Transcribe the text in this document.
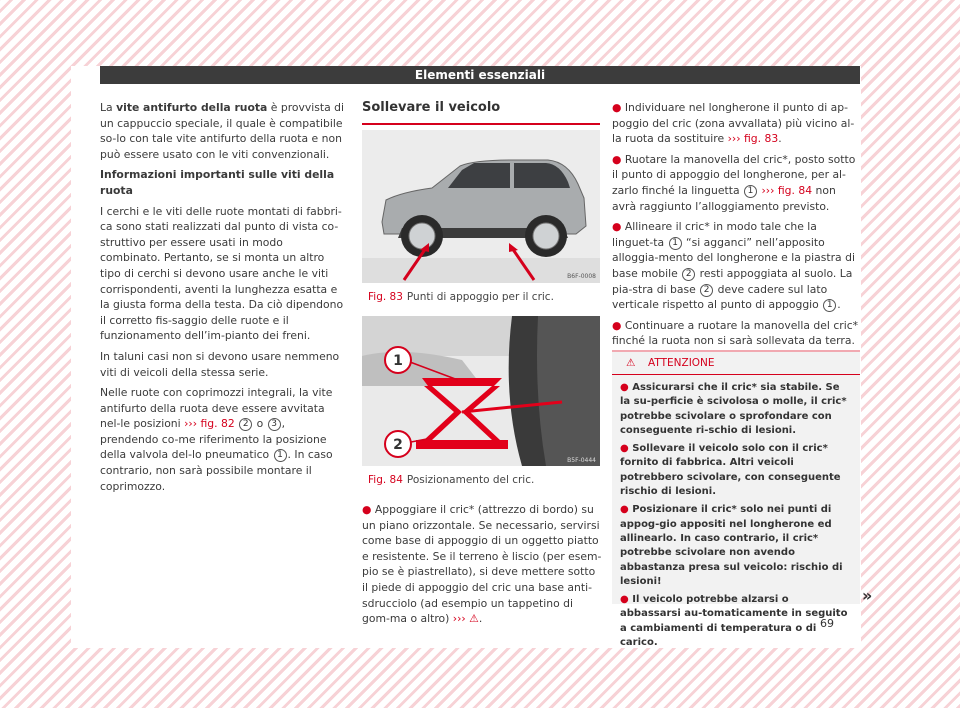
Elementi essenziali

La vite antifurto della ruota è provvista di un cappuccio speciale, il quale è compatibile so-lo con tale vite antifurto della ruota e non può essere usato con le viti convenzionali.

Informazioni importanti sulle viti della ruota

I cerchi e le viti delle ruote montati di fabbri-ca sono stati realizzati dal punto di vista co-struttivo per essere usati in modo combinato. Pertanto, se si monta un altro tipo di cerchi si devono usare anche le viti corrispondenti, aventi la lunghezza esatta e la giusta forma della testa. Da ciò dipendono il corretto fis-saggio delle ruote e il funzionamento dell’im-pianto dei freni.

In taluni casi non si devono usare nemmeno viti di veicoli della stessa serie.

Nelle ruote con coprimozzi integrali, la vite antifurto della ruota deve essere avvitata nel-le posizioni ››› fig. 82 2 o 3 , prendendo co-me riferimento la posizione della valvola del-lo pneumatico 1 . In caso contrario, non sarà possibile montare il coprimozzo.

Sollevare il veicolo
B6F-0008
Fig. 83 Punti di appoggio per il cric.
1
2
B5F-0444
Fig. 84 Posizionamento del cric.

● Appoggiare il cric* (attrezzo di bordo) su un piano orizzontale. Se necessario, servirsi come base di appoggio di un oggetto piatto e resistente. Se il terreno è liscio (per esem-pio se è piastrellato), si deve mettere sotto il piede di appoggio del cric una base anti-sdrucciolo (ad esempio un tappetino di gom-ma o altro) ››› ⚠.

● Individuare nel longherone il punto di ap-poggio del cric (zona avvallata) più vicino al-la ruota da sostituire ››› fig. 83.

● Ruotare la manovella del cric*, posto sotto il punto di appoggio del longherone, per al-zarlo finché la linguetta 1 ››› fig. 84 non avrà raggiunto l’alloggiamento previsto.

● Allineare il cric* in modo tale che la linguet-ta 1 “si agganci” nell’apposito alloggia-mento del longherone e la piastra di base mobile 2 resti appoggiata al suolo. La pia-stra di base 2 deve cadere sul lato verticale rispetto al punto di appoggio 1 .

● Continuare a ruotare la manovella del cric* finché la ruota non si sarà sollevata da terra.

⚠ ATTENZIONE

● Assicurarsi che il cric* sia stabile. Se la su-perficie è scivolosa o molle, il cric* potrebbe scivolare o sprofondare con conseguente ri-schio di lesioni.

● Sollevare il veicolo solo con il cric* fornito di fabbrica. Altri veicoli potrebbero scivolare, con conseguente rischio di lesioni.

● Posizionare il cric* solo nei punti di appog-gio appositi nel longherone ed allinearlo. In caso contrario, il cric* potrebbe scivolare non avendo abbastanza presa sul veicolo: rischio di lesioni!

● Il veicolo potrebbe alzarsi o abbassarsi au-tomaticamente in seguito a cambiamenti di temperatura o di carico.

»
69
